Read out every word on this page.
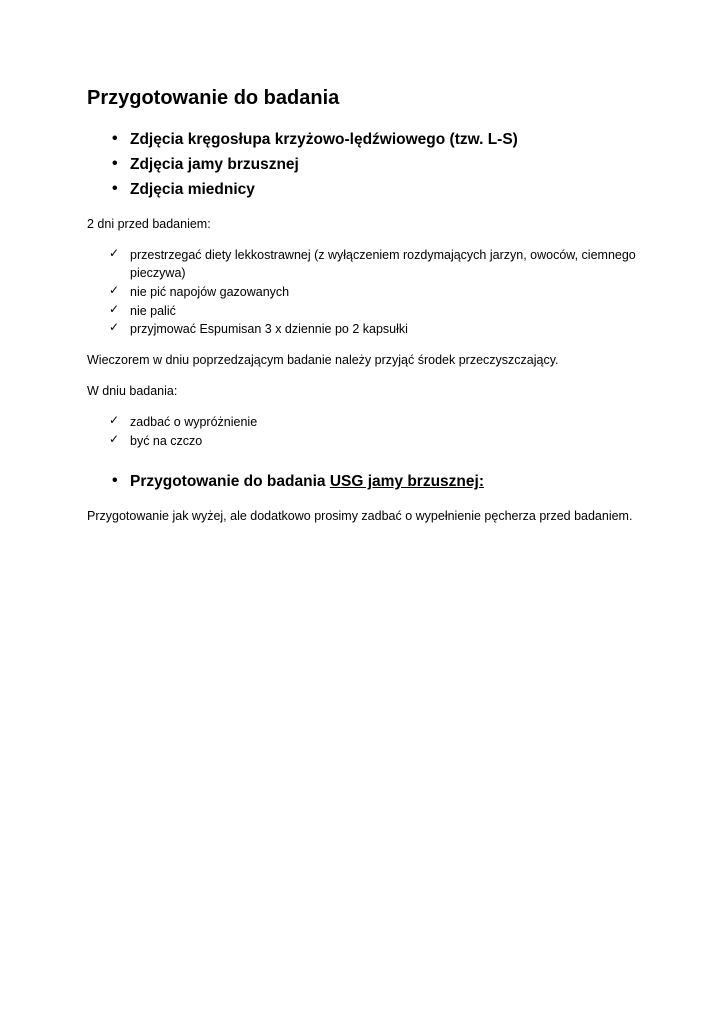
Przygotowanie do badania
• Zdjęcia kręgosłupa krzyżowo-lędźwiowego (tzw. L-S)
• Zdjęcia jamy brzusznej
• Zdjęcia miednicy
2 dni przed badaniem:
✓ przestrzegać diety lekkostrawnej (z wyłączeniem rozdymających jarzyn, owoców, ciemnego pieczywa)
✓ nie pić napojów gazowanych
✓ nie palić
✓ przyjmować Espumisan 3 x dziennie po 2 kapsułki
Wieczorem w dniu poprzedzającym badanie należy przyjąć środek przeczyszczający.
W dniu badania:
✓ zadbać o wypróżnienie
✓ być na czczo
• Przygotowanie do badania USG jamy brzusznej:
Przygotowanie jak wyżej, ale dodatkowo prosimy zadbać o wypełnienie pęcherza przed badaniem.
